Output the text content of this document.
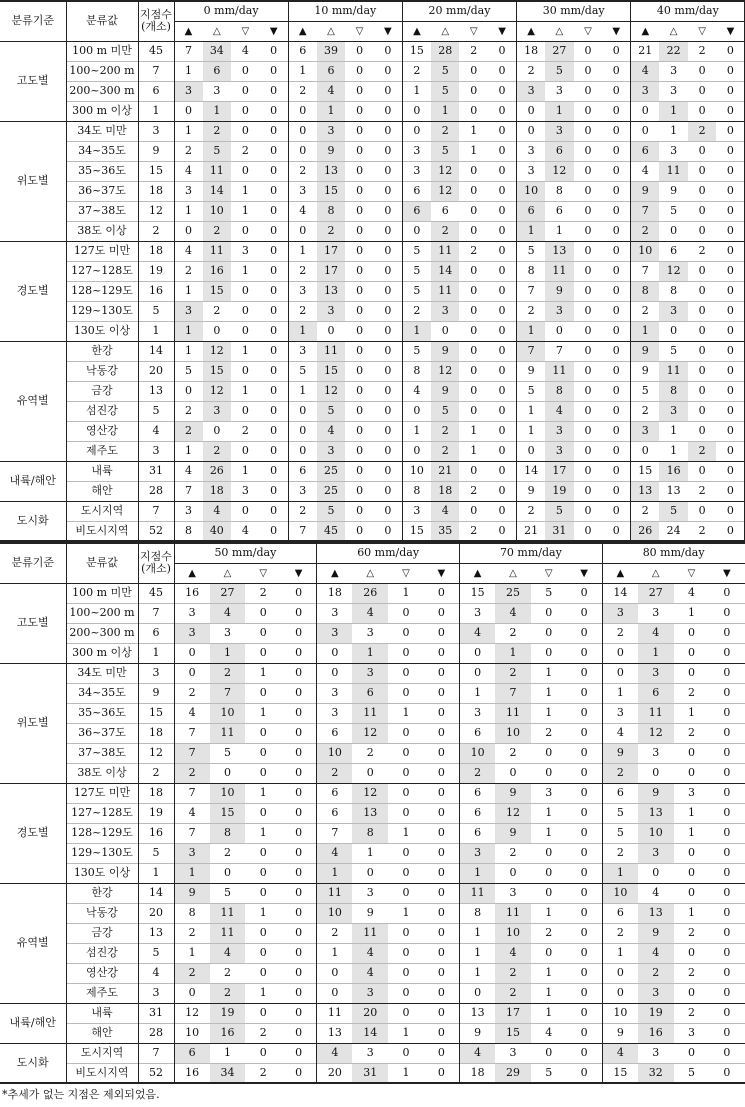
분류기준	분류값	지점수
(개소)	0 mm/day				10 mm/day				20 mm/day				30 mm/day				40 mm/day			
			▲	△	▽	▼	▲	△	▽	▼	▲	△	▽	▼	▲	△	▽	▼	▲	△	▽	▼
고도별	100 m 미만	45	7	34	4	0	6	39	0	0	15	28	2	0	18	27	0	0	21	22	2	0
	100~200 m	7	1	6	0	0	1	6	0	0	2	5	0	0	2	5	0	0	4	3	0	0
	200~300 m	6	3	3	0	0	2	4	0	0	1	5	0	0	3	3	0	0	3	3	0	0
	300 m 이상	1	0	1	0	0	0	1	0	0	0	1	0	0	0	1	0	0	0	1	0	0
위도별	34도 미만	3	1	2	0	0	0	3	0	0	0	2	1	0	0	3	0	0	0	1	2	0
	34~35도	9	2	5	2	0	0	9	0	0	3	5	1	0	3	6	0	0	6	3	0	0
	35~36도	15	4	11	0	0	2	13	0	0	3	12	0	0	3	12	0	0	4	11	0	0
	36~37도	18	3	14	1	0	3	15	0	0	6	12	0	0	10	8	0	0	9	9	0	0
	37~38도	12	1	10	1	0	4	8	0	0	6	6	0	0	6	6	0	0	7	5	0	0
	38도 이상	2	0	2	0	0	0	2	0	0	0	2	0	0	1	1	0	0	2	0	0	0
경도별	127도 미만	18	4	11	3	0	1	17	0	0	5	11	2	0	5	13	0	0	10	6	2	0
	127~128도	19	2	16	1	0	2	17	0	0	5	14	0	0	8	11	0	0	7	12	0	0
	128~129도	16	1	15	0	0	3	13	0	0	5	11	0	0	7	9	0	0	8	8	0	0
	129~130도	5	3	2	0	0	2	3	0	0	2	3	0	0	2	3	0	0	2	3	0	0
	130도 이상	1	1	0	0	0	1	0	0	0	1	0	0	0	1	0	0	0	1	0	0	0
유역별	한강	14	1	12	1	0	3	11	0	0	5	9	0	0	7	7	0	0	9	5	0	0
	낙동강	20	5	15	0	0	5	15	0	0	8	12	0	0	9	11	0	0	9	11	0	0
	금강	13	0	12	1	0	1	12	0	0	4	9	0	0	5	8	0	0	5	8	0	0
	섬진강	5	2	3	0	0	0	5	0	0	0	5	0	0	1	4	0	0	2	3	0	0
	영산강	4	2	0	2	0	0	4	0	0	1	2	1	0	1	3	0	0	3	1	0	0
	제주도	3	1	2	0	0	0	3	0	0	0	2	1	0	0	3	0	0	0	1	2	0
내륙/해안	내륙	31	4	26	1	0	6	25	0	0	10	21	0	0	14	17	0	0	15	16	0	0
	해안	28	7	18	3	0	3	25	0	0	8	18	2	0	9	19	0	0	13	13	2	0
도시화	도시지역	7	3	4	0	0	2	5	0	0	3	4	0	0	2	5	0	0	2	5	0	0
	비도시지역	52	8	40	4	0	7	45	0	0	15	35	2	0	21	31	0	0	26	24	2	0
분류기준	분류값	지점수
(개소)	50 mm/day				60 mm/day				70 mm/day				80 mm/day			
			▲	△	▽	▼	▲	△	▽	▼	▲	△	▽	▼	▲	△	▽	▼
고도별	100 m 미만	45	16	27	2	0	18	26	1	0	15	25	5	0	14	27	4	0
	100~200 m	7	3	4	0	0	3	4	0	0	3	4	0	0	3	3	1	0
	200~300 m	6	3	3	0	0	3	3	0	0	4	2	0	0	2	4	0	0
	300 m 이상	1	0	1	0	0	0	1	0	0	0	1	0	0	0	1	0	0
위도별	34도 미만	3	0	2	1	0	0	3	0	0	0	2	1	0	0	3	0	0
	34~35도	9	2	7	0	0	3	6	0	0	1	7	1	0	1	6	2	0
	35~36도	15	4	10	1	0	3	11	1	0	3	11	1	0	3	11	1	0
	36~37도	18	7	11	0	0	6	12	0	0	6	10	2	0	4	12	2	0
	37~38도	12	7	5	0	0	10	2	0	0	10	2	0	0	9	3	0	0
	38도 이상	2	2	0	0	0	2	0	0	0	2	0	0	0	2	0	0	0
경도별	127도 미만	18	7	10	1	0	6	12	0	0	6	9	3	0	6	9	3	0
	127~128도	19	4	15	0	0	6	13	0	0	6	12	1	0	5	13	1	0
	128~129도	16	7	8	1	0	7	8	1	0	6	9	1	0	5	10	1	0
	129~130도	5	3	2	0	0	4	1	0	0	3	2	0	0	2	3	0	0
	130도 이상	1	1	0	0	0	1	0	0	0	1	0	0	0	1	0	0	0
유역별	한강	14	9	5	0	0	11	3	0	0	11	3	0	0	10	4	0	0
	낙동강	20	8	11	1	0	10	9	1	0	8	11	1	0	6	13	1	0
	금강	13	2	11	0	0	2	11	0	0	1	10	2	0	2	9	2	0
	섬진강	5	1	4	0	0	1	4	0	0	1	4	0	0	1	4	0	0
	영산강	4	2	2	0	0	0	4	0	0	1	2	1	0	0	2	2	0
	제주도	3	0	2	1	0	0	3	0	0	0	2	1	0	0	3	0	0
내륙/해안	내륙	31	12	19	0	0	11	20	0	0	13	17	1	0	10	19	2	0
	해안	28	10	16	2	0	13	14	1	0	9	15	4	0	9	16	3	0
도시화	도시지역	7	6	1	0	0	4	3	0	0	4	3	0	0	4	3	0	0
	비도시지역	52	16	34	2	0	20	31	1	0	18	29	5	0	15	32	5	0
*추세가 없는 지점은 제외되었음.
